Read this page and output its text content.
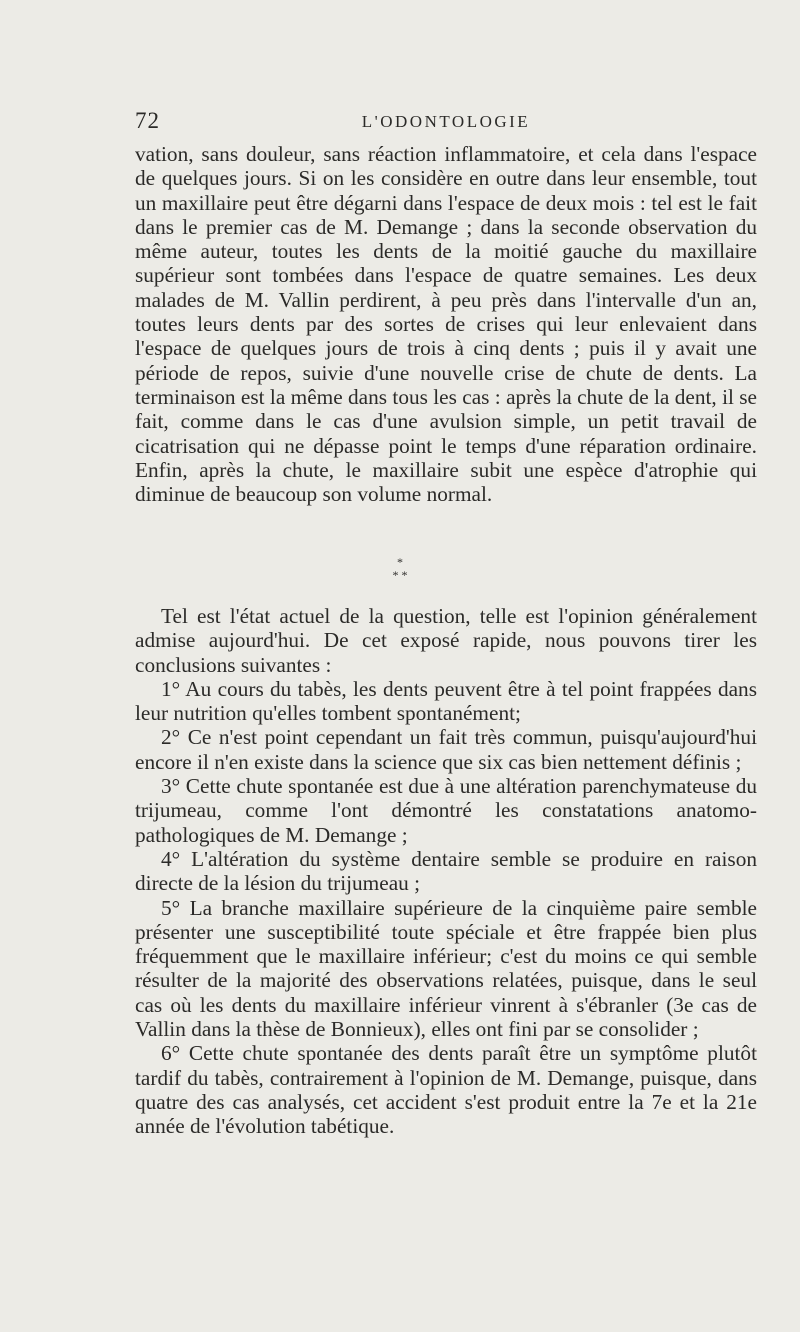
72	L'ODONTOLOGIE

vation, sans douleur, sans réaction inflammatoire, et cela dans l'espace de quelques jours. Si on les considère en outre dans leur ensemble, tout un maxillaire peut être dégarni dans l'espace de deux mois : tel est le fait dans le premier cas de M. Demange ; dans la seconde observation du même auteur, toutes les dents de la moitié gauche du maxillaire supérieur sont tombées dans l'espace de quatre semaines. Les deux malades de M. Vallin perdirent, à peu près dans l'intervalle d'un an, toutes leurs dents par des sortes de crises qui leur enlevaient dans l'espace de quelques jours de trois à cinq dents ; puis il y avait une période de repos, suivie d'une nouvelle crise de chute de dents. La terminaison est la même dans tous les cas : après la chute de la dent, il se fait, comme dans le cas d'une avulsion simple, un petit travail de cicatrisation qui ne dépasse point le temps d'une réparation ordinaire. Enfin, après la chute, le maxillaire subit une espèce d'atrophie qui diminue de beaucoup son volume normal.

*
* *

Tel est l'état actuel de la question, telle est l'opinion généralement admise aujourd'hui. De cet exposé rapide, nous pouvons tirer les conclusions suivantes :

1° Au cours du tabès, les dents peuvent être à tel point frappées dans leur nutrition qu'elles tombent spontanément;

2° Ce n'est point cependant un fait très commun, puisqu'aujourd'hui encore il n'en existe dans la science que six cas bien nettement définis ;

3° Cette chute spontanée est due à une altération parenchymateuse du trijumeau, comme l'ont démontré les constatations anatomo-pathologiques de M. Demange ;

4° L'altération du système dentaire semble se produire en raison directe de la lésion du trijumeau ;

5° La branche maxillaire supérieure de la cinquième paire semble présenter une susceptibilité toute spéciale et être frappée bien plus fréquemment que le maxillaire inférieur; c'est du moins ce qui semble résulter de la majorité des observations relatées, puisque, dans le seul cas où les dents du maxillaire inférieur vinrent à s'ébranler (3e cas de Vallin dans la thèse de Bonnieux), elles ont fini par se consolider ;

6° Cette chute spontanée des dents paraît être un symptôme plutôt tardif du tabès, contrairement à l'opinion de M. Demange, puisque, dans quatre des cas analysés, cet accident s'est produit entre la 7e et la 21e année de l'évolution tabétique.
